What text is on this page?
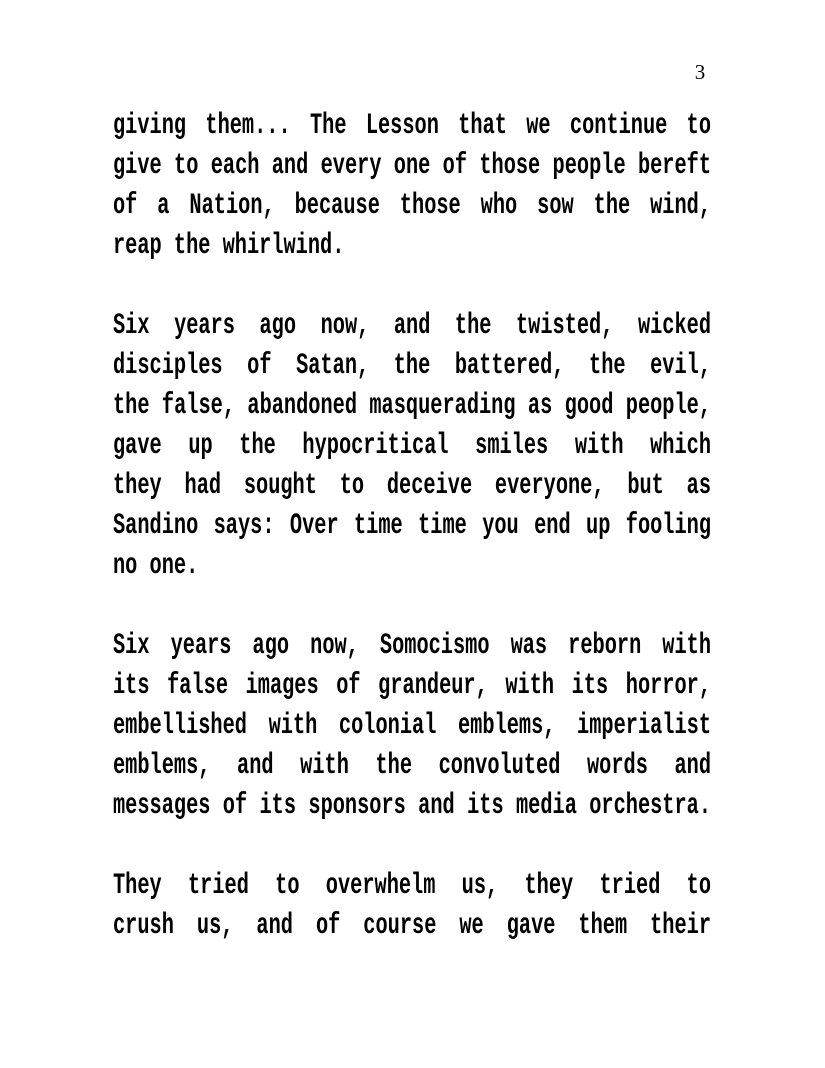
3
giving them... The Lesson that we continue to
give to each and every one of those people bereft
of a Nation, because those who sow the wind,
reap the whirlwind.
Six years ago now, and the twisted, wicked
disciples of Satan, the battered, the evil,
the false, abandoned masquerading as good people,
gave up the hypocritical smiles with which
they had sought to deceive everyone, but as
Sandino says: Over time time you end up fooling
no one.
Six years ago now, Somocismo was reborn with
its false images of grandeur, with its horror,
embellished with colonial emblems, imperialist
emblems, and with the convoluted words and
messages of its sponsors and its media orchestra.
They tried to overwhelm us, they tried to
crush us, and of course we gave them their
